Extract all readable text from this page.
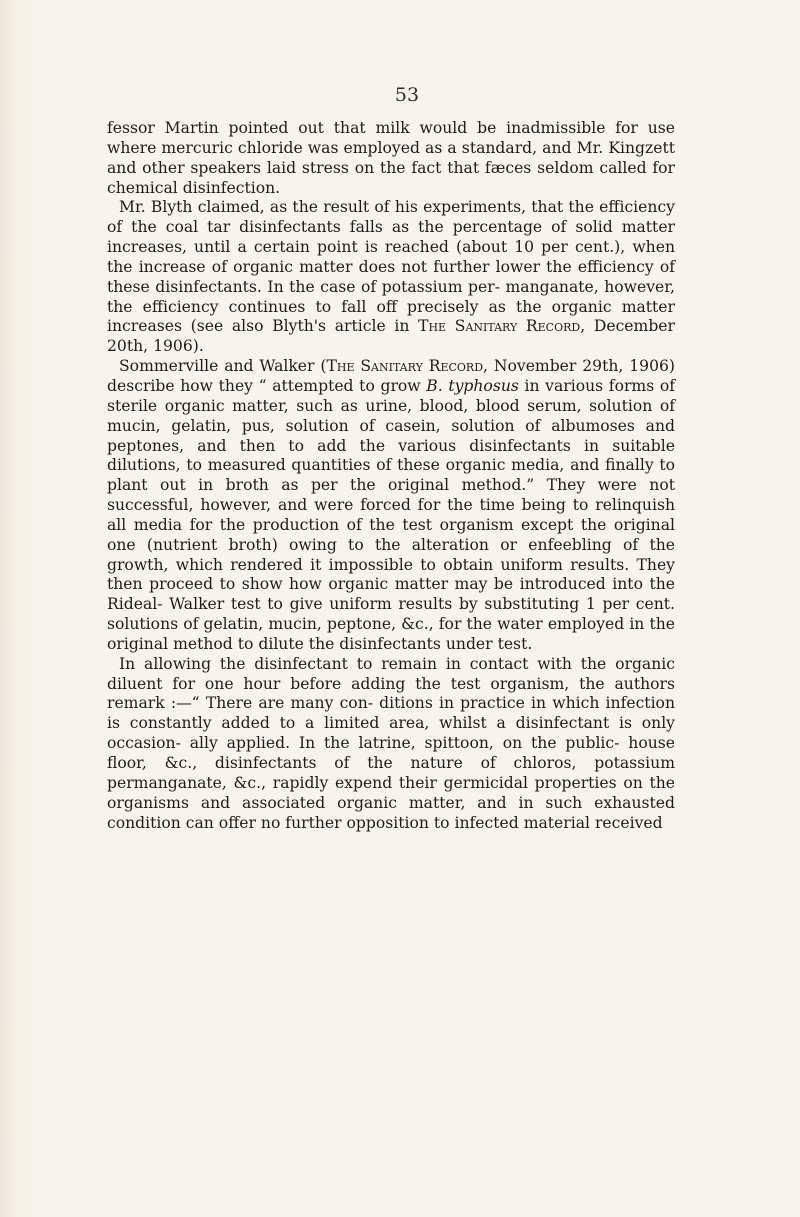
53

fessor Martin pointed out that milk would be inadmissible for use where mercuric chloride was employed as a standard, and Mr. Kingzett and other speakers laid stress on the fact that fæces seldom called for chemical disinfection.

Mr. Blyth claimed, as the result of his experiments, that the efficiency of the coal tar disinfectants falls as the percentage of solid matter increases, until a certain point is reached (about 10 per cent.), when the increase of organic matter does not further lower the efficiency of these disinfectants. In the case of potassium per- manganate, however, the efficiency continues to fall off precisely as the organic matter increases (see also Blyth's article in The Sanitary Record, December 20th, 1906).

Sommerville and Walker (The Sanitary Record, November 29th, 1906) describe how they “ attempted to grow B. typhosus in various forms of sterile organic matter, such as urine, blood, blood serum, solution of mucin, gelatin, pus, solution of casein, solution of albumoses and peptones, and then to add the various disinfectants in suitable dilutions, to measured quantities of these organic media, and finally to plant out in broth as per the original method.” They were not successful, however, and were forced for the time being to relinquish all media for the production of the test organism except the original one (nutrient broth) owing to the alteration or enfeebling of the growth, which rendered it impossible to obtain uniform results. They then proceed to show how organic matter may be introduced into the Rideal- Walker test to give uniform results by substituting 1 per cent. solutions of gelatin, mucin, peptone, &c., for the water employed in the original method to dilute the disinfectants under test.

In allowing the disinfectant to remain in contact with the organic diluent for one hour before adding the test organism, the authors remark :—“ There are many con- ditions in practice in which infection is constantly added to a limited area, whilst a disinfectant is only occasion- ally applied. In the latrine, spittoon, on the public- house floor, &c., disinfectants of the nature of chloros, potassium permanganate, &c., rapidly expend their germicidal properties on the organisms and associated organic matter, and in such exhausted condition can offer no further opposition to infected material received
